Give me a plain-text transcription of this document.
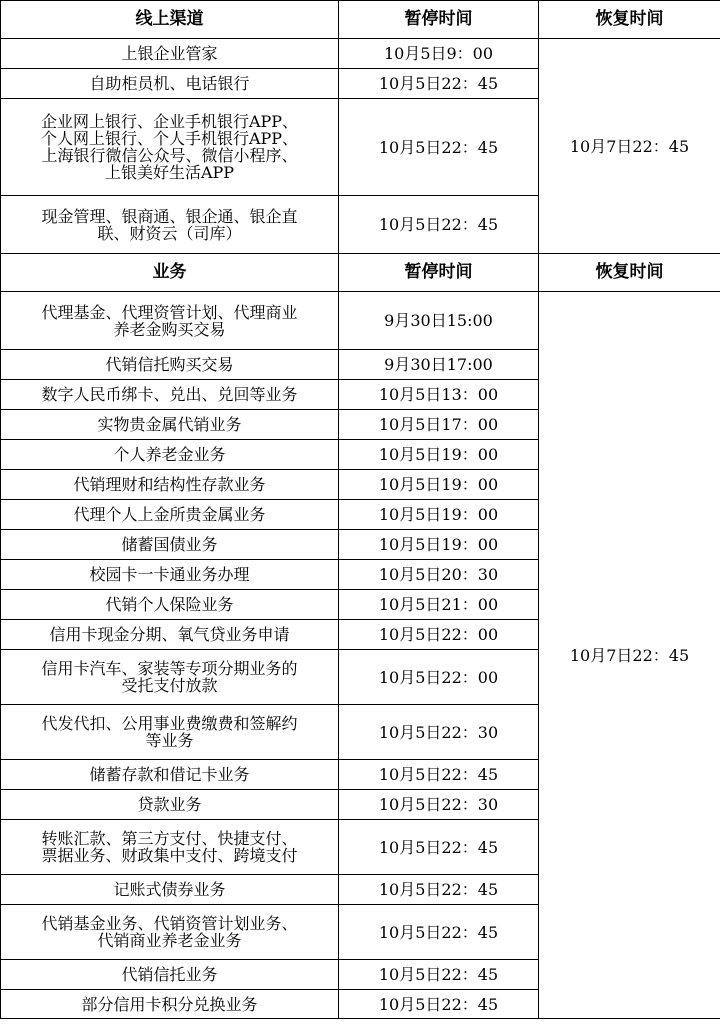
线上渠道	暂停时间	恢复时间
上银企业管家	10月5日9：00	10月7日22：45
自助柜员机、电话银行	10月5日22：45	
企业网上银行、企业手机银行APP、
个人网上银行、个人手机银行APP、
上海银行微信公众号、微信小程序、
上银美好生活APP	10月5日22：45	
现金管理、银商通、银企通、银企直
联、财资云（司库）	10月5日22：45	
业务	暂停时间	恢复时间
代理基金、代理资管计划、代理商业
养老金购买交易	9月30日15:00	10月7日22：45
代销信托购买交易	9月30日17:00	
数字人民币绑卡、兑出、兑回等业务	10月5日13：00	
实物贵金属代销业务	10月5日17：00	
个人养老金业务	10月5日19：00	
代销理财和结构性存款业务	10月5日19：00	
代理个人上金所贵金属业务	10月5日19：00	
储蓄国债业务	10月5日19：00	
校园卡一卡通业务办理	10月5日20：30	
代销个人保险业务	10月5日21：00	
信用卡现金分期、氧气贷业务申请	10月5日22：00	
信用卡汽车、家装等专项分期业务的
受托支付放款	10月5日22：00	
代发代扣、公用事业费缴费和签解约
等业务	10月5日22：30	
储蓄存款和借记卡业务	10月5日22：45	
贷款业务	10月5日22：30	
转账汇款、第三方支付、快捷支付、
票据业务、财政集中支付、跨境支付	10月5日22：45	
记账式债券业务	10月5日22：45	
代销基金业务、代销资管计划业务、
代销商业养老金业务	10月5日22：45	
代销信托业务	10月5日22：45	
部分信用卡积分兑换业务	10月5日22：45	
